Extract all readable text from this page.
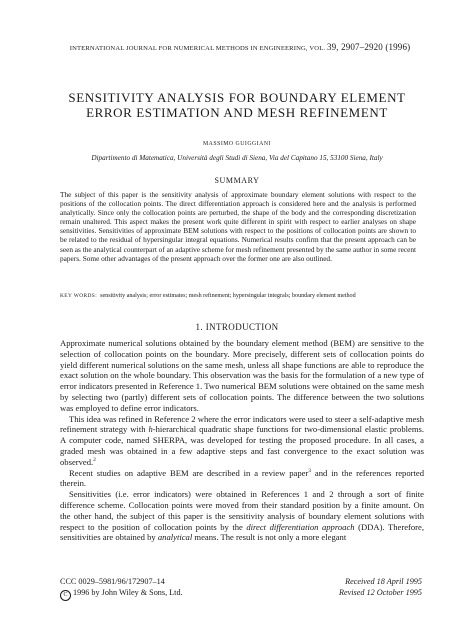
INTERNATIONAL JOURNAL FOR NUMERICAL METHODS IN ENGINEERING, VOL. 39, 2907–2920 (1996)
SENSITIVITY ANALYSIS FOR BOUNDARY ELEMENT
ERROR ESTIMATION AND MESH REFINEMENT
MASSIMO GUIGGIANI
Dipartimento di Matematica, Università degli Studi di Siena, Via del Capitano 15, 53100 Siena, Italy
SUMMARY

The subject of this paper is the sensitivity analysis of approximate boundary element solutions with respect to the positions of the collocation points. The direct differentiation approach is considered here and the analysis is performed analytically. Since only the collocation points are perturbed, the shape of the body and the corresponding discretization remain unaltered. This aspect makes the present work quite different in spirit with respect to earlier analyses on shape sensitivities. Sensitivities of approximate BEM solutions with respect to the positions of collocation points are shown to be related to the residual of hypersingular integral equations. Numerical results confirm that the present approach can be seen as the analytical counterpart of an adaptive scheme for mesh refinement presented by the same author in some recent papers. Some other advantages of the present approach over the former one are also outlined.

KEY WORDS: sensitivity analysis; error estimates; mesh refinement; hypersingular integrals; boundary element method
1. INTRODUCTION

Approximate numerical solutions obtained by the boundary element method (BEM) are sensitive to the selection of collocation points on the boundary. More precisely, different sets of collocation points do yield different numerical solutions on the same mesh, unless all shape functions are able to reproduce the exact solution on the whole boundary. This observation was the basis for the formulation of a new type of error indicators presented in Reference 1. Two numerical BEM solutions were obtained on the same mesh by selecting two (partly) different sets of collocation points. The difference between the two solutions was employed to define error indicators.

This idea was refined in Reference 2 where the error indicators were used to steer a self-adaptive mesh refinement strategy with h-hierarchical quadratic shape functions for two-dimensional elastic problems. A computer code, named SHERPA, was developed for testing the proposed procedure. In all cases, a graded mesh was obtained in a few adaptive steps and fast convergence to the exact solution was observed.$^2$

Recent studies on adaptive BEM are described in a review paper$^3$ and in the references reported therein.

Sensitivities (i.e. error indicators) were obtained in References 1 and 2 through a sort of finite difference scheme. Collocation points were moved from their standard position by a finite amount. On the other hand, the subject of this paper is the sensitivity analysis of boundary element solutions with respect to the position of collocation points by the direct differentiation approach (DDA). Therefore, sensitivities are obtained by analytical means. The result is not only a more elegant

CCC 0029–5981/96/172907–14
C 1996 by John Wiley & Sons, Ltd.
Received 18 April 1995
Revised 12 October 1995
